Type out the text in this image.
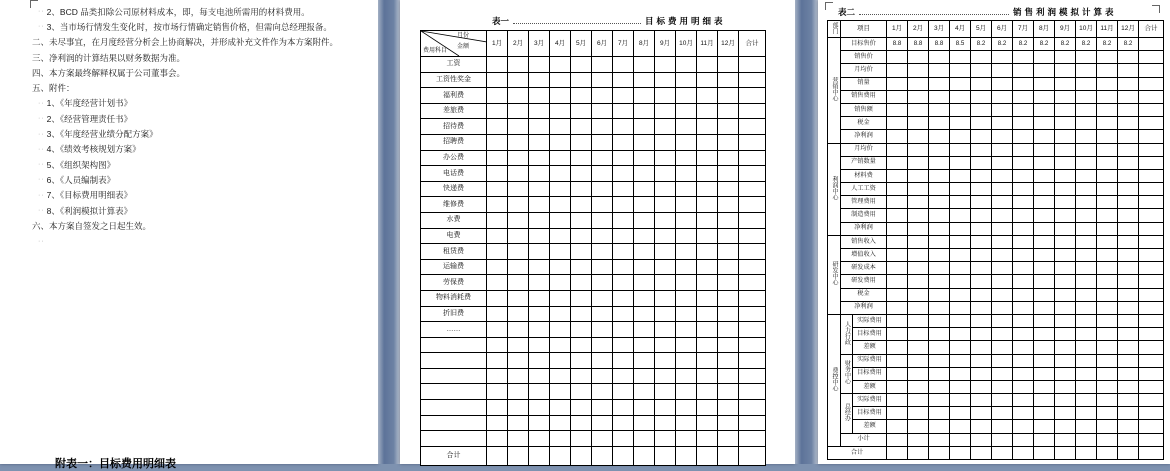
·· 2、BCD 品类扣除公司原材料成本，即，每支电池所需用的材料费用。
·· 3、当市场行情发生变化时，按市场行情确定销售价格，但需向总经理报备。
二、未尽事宜，在月度经营分析会上协商解决，并形成补充文件作为本方案附件。
三、净利润的计算结果以财务数据为准。
四、本方案最终解释权属于公司董事会。
五、附件：
·· 1、《年度经营计划书》
·· 2、《经营管理责任书》
·· 3、《年度经营业绩分配方案》
·· 4、《绩效考核规划方案》
·· 5、《组织架构图》
·· 6、《人员编制表》
·· 7、《目标费用明细表》
·· 8、《利润模拟计算表》
六、本方案自签发之日起生效。
··
附表一：目标费用明细表
表一	目标费用明细表
月份
金额
费用科目	1月	2月	3月	4月	5月	6月	7月	8月	9月	10月	11月	12月	合计
工资													
工资性奖金													
福利费													
差旅费													
招待费													
招聘费													
办公费													
电话费													
快递费													
维修费													
水费													
电费													
租赁费													
运输费													
劳保费													
物料消耗费													
折旧费													
……													

合计													
表二	销售利润模拟计算表
部门	项目		1月	2月	3月	4月	5月	6月	7月	8月	9月	10月	11月	12月	合计
营销中心	目标售价		8.8	8.8	8.8	8.5	8.2	8.2	8.2	8.2	8.2	8.2	8.2	8.2	
	销售价														
	月均价														
	销量														
	销售费用														
	销售额														
	税金														
	净利润														
利润中心	月均价														
	产销数量														
	材料费														
	人工工资														
	管理费用														
	制造费用														
	净利润														
研发中心	销售收入														
	增值收入														
	研发成本														
	研发费用														
	税金														
	净利润														
费控中心	人力行政	实际费用													
		目标费用													
		差额													
	财务中心	实际费用													
		目标费用													
		差额													
	总经办	实际费用													
		目标费用													
		差额													
	小计														
合计															
